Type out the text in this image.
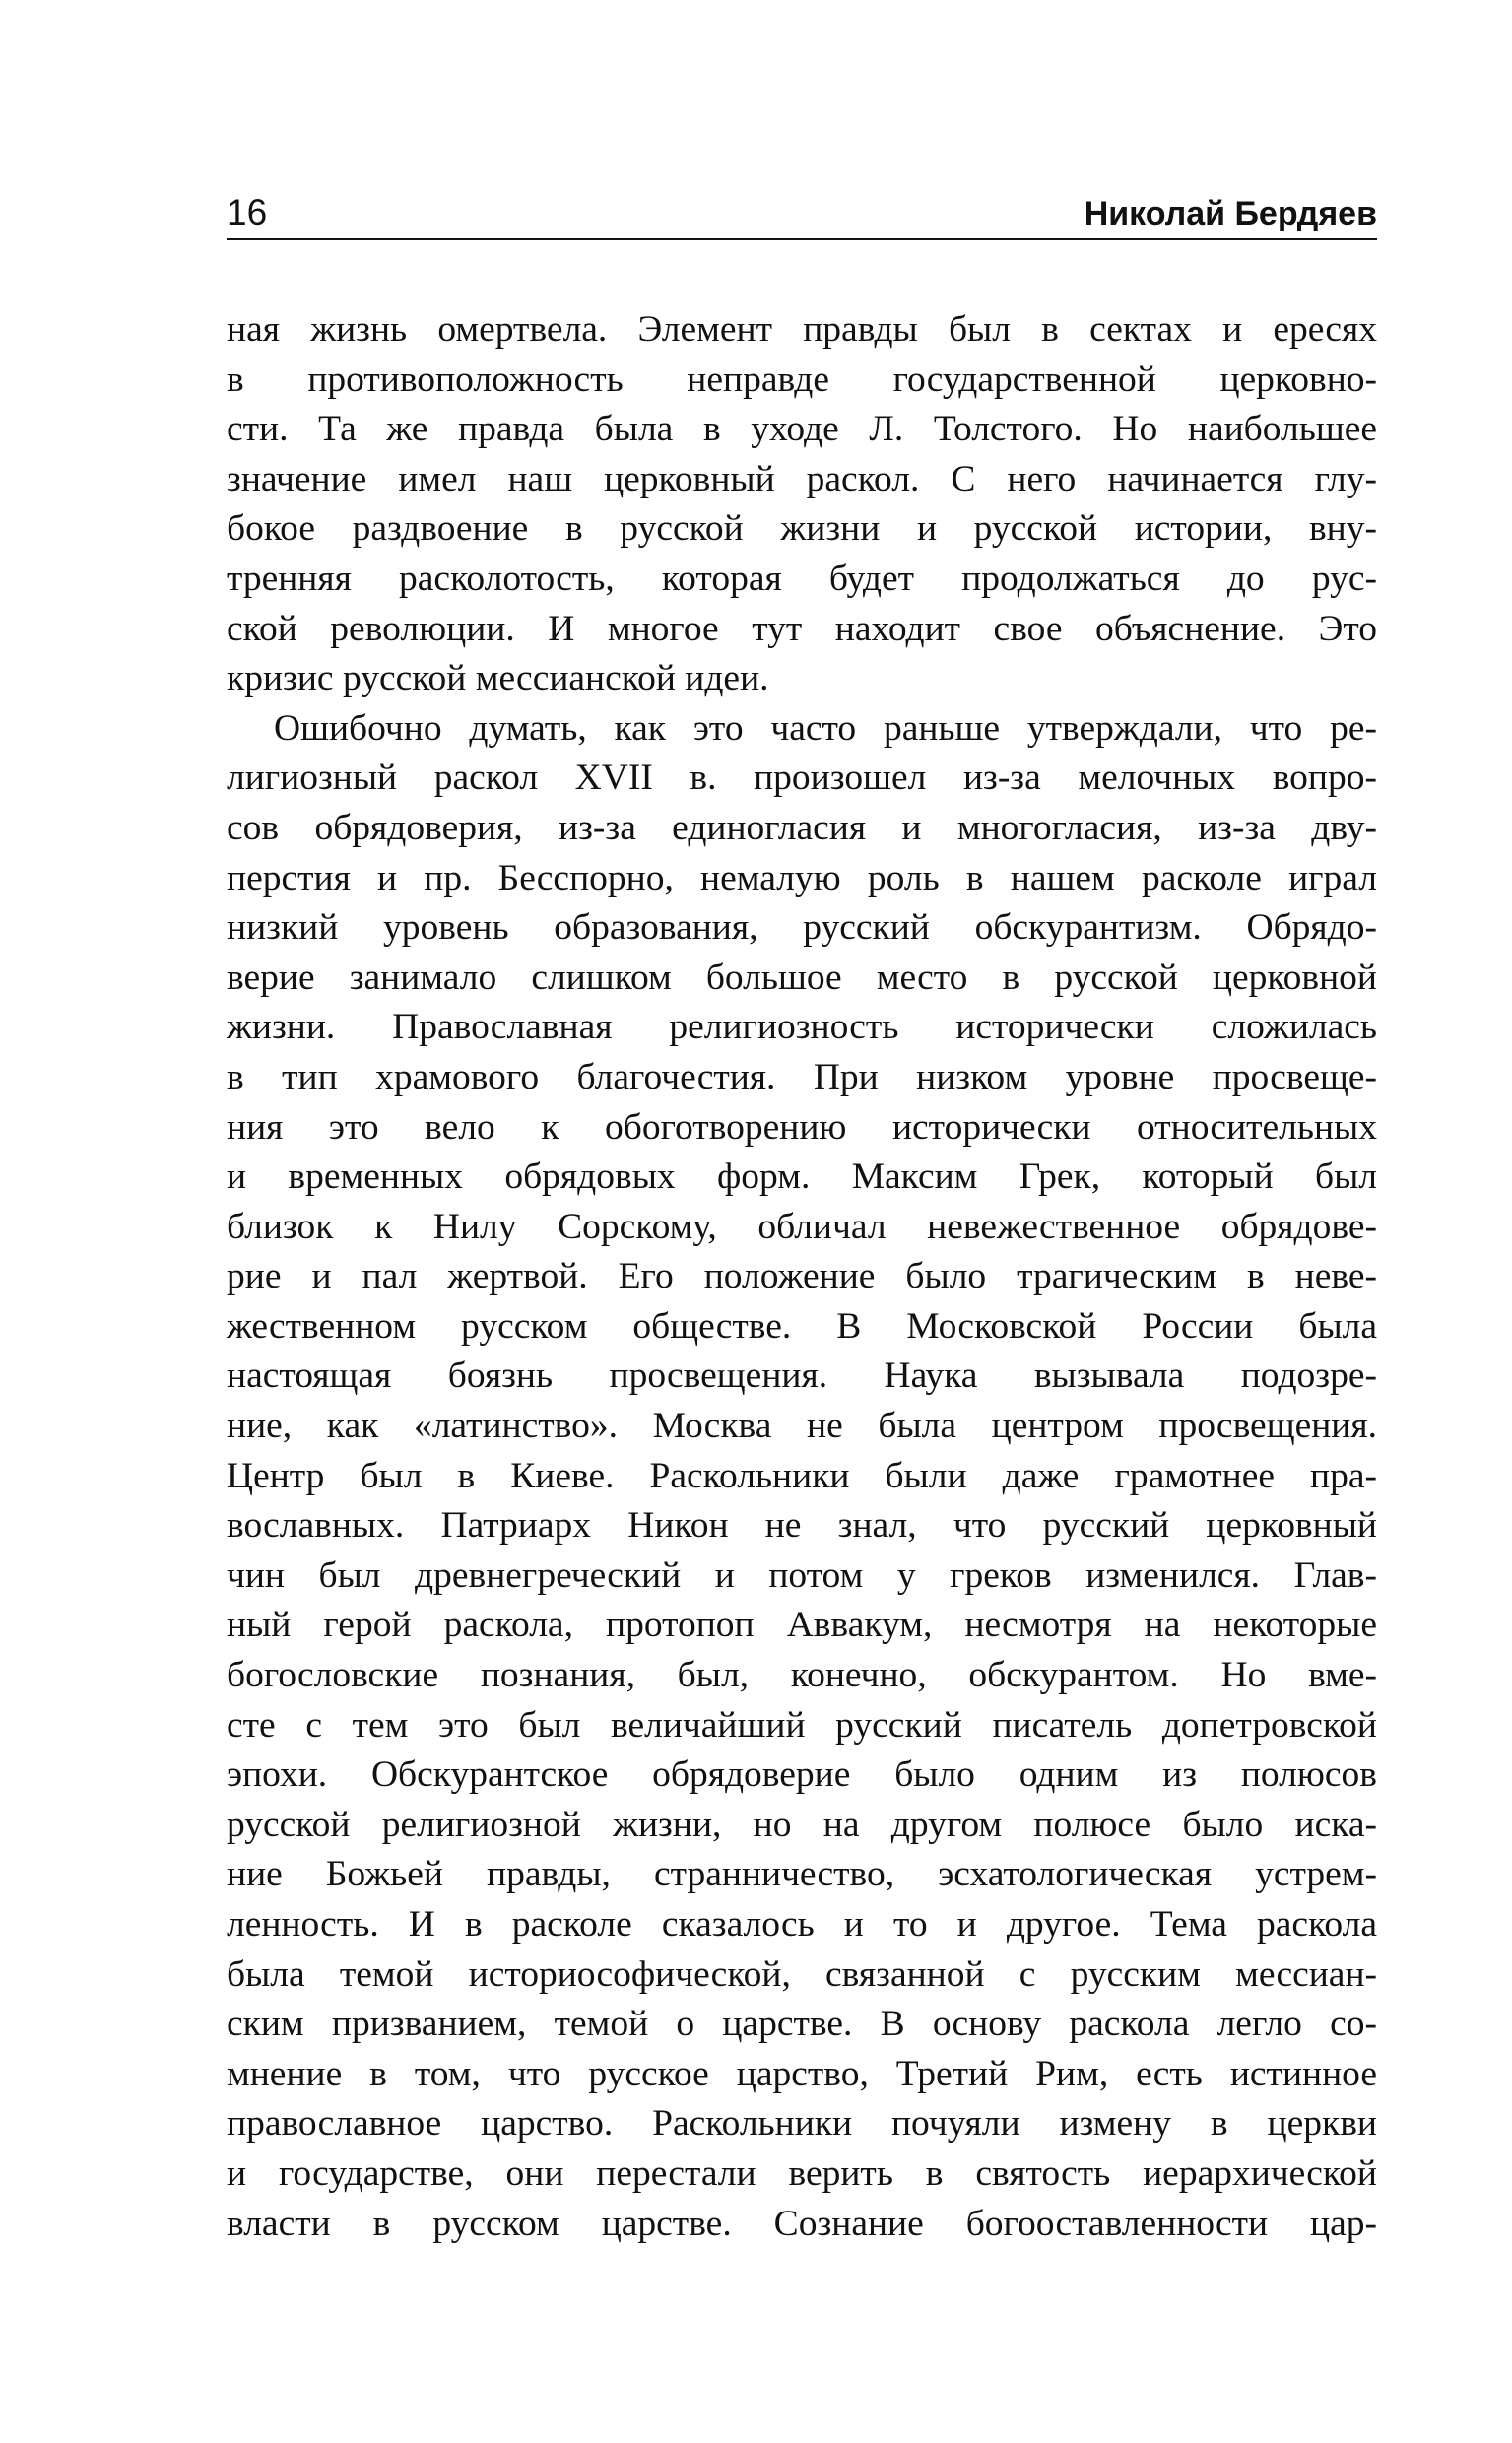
16	Николай Бердяев
ная жизнь омертвела. Элемент правды был в сектах и ересях
в противоположность неправде государственной церковно-
сти. Та же правда была в уходе Л. Толстого. Но наибольшее
значение имел наш церковный раскол. С него начинается глу-
бокое раздвоение в русской жизни и русской истории, вну-
тренняя расколотость, которая будет продолжаться до рус-
ской революции. И многое тут находит свое объяснение. Это
кризис русской мессианской идеи.
Ошибочно думать, как это часто раньше утверждали, что ре-
лигиозный раскол XVII в. произошел из-за мелочных вопро-
сов обрядоверия, из-за единогласия и многогласия, из-за дву-
перстия и пр. Бесспорно, немалую роль в нашем расколе играл
низкий уровень образования, русский обскурантизм. Обрядо-
верие занимало слишком большое место в русской церковной
жизни. Православная религиозность исторически сложилась
в тип храмового благочестия. При низком уровне просвеще-
ния это вело к обоготворению исторически относительных
и временных обрядовых форм. Максим Грек, который был
близок к Нилу Сорскому, обличал невежественное обрядове-
рие и пал жертвой. Его положение было трагическим в неве-
жественном русском обществе. В Московской России была
настоящая боязнь просвещения. Наука вызывала подозре-
ние, как «латинство». Москва не была центром просвещения.
Центр был в Киеве. Раскольники были даже грамотнее пра-
вославных. Патриарх Никон не знал, что русский церковный
чин был древнегреческий и потом у греков изменился. Глав-
ный герой раскола, протопоп Аввакум, несмотря на некоторые
богословские познания, был, конечно, обскурантом. Но вме-
сте с тем это был величайший русский писатель допетровской
эпохи. Обскурантское обрядоверие было одним из полюсов
русской религиозной жизни, но на другом полюсе было иска-
ние Божьей правды, странничество, эсхатологическая устрем-
ленность. И в расколе сказалось и то и другое. Тема раскола
была темой историософической, связанной с русским мессиан-
ским призванием, темой о царстве. В основу раскола легло со-
мнение в том, что русское царство, Третий Рим, есть истинное
православное царство. Раскольники почуяли измену в церкви
и государстве, они перестали верить в святость иерархической
власти в русском царстве. Сознание богооставленности цар-
